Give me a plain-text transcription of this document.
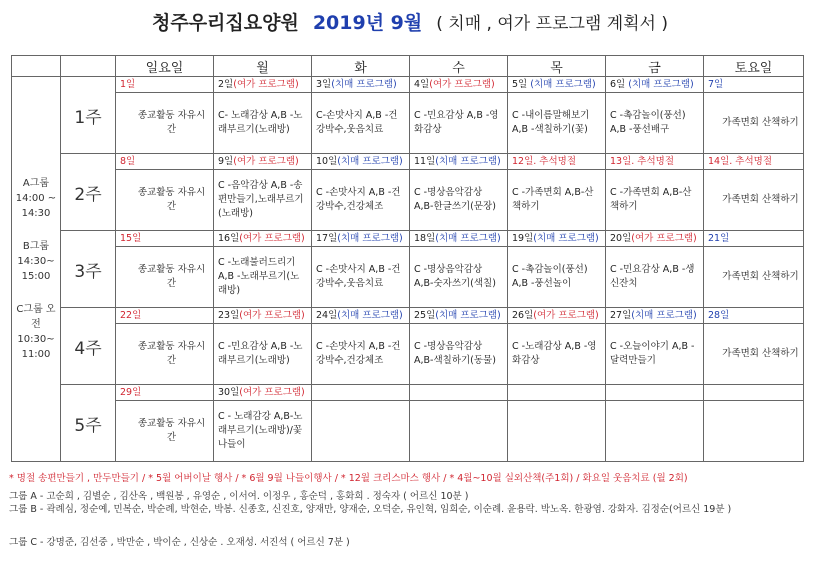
청주우리집요양원 2019년 9월 ( 치매 , 여가 프로그램 계획서 )
		일요일	월	화	수	목	금	토요일

A그룹 14:00 ~ 14:30
B그룹 14:30~ 15:00
C그룹 오전 10:30~ 11:00	1주	1일	2일(여가 프로그램)	3일(치매 프로그램)	4일(여가 프로그램)	5일 (치매 프로그램)	6일 (치매 프로그램)	7일
		종교활동 자유시간	C- 노래감상 A,B -노래부르기(노래방)	C-손맛사지 A,B -건강박수,웃음치료	C -민요감상 A,B -영화감상	C -내이름말해보기 A,B -색칠하기(꽃)	C -촉감놀이(풍선) A,B -풍선배구	가족면회 산책하기
	2주	8일	9일(여가 프로그램)	10일(치매 프로그램)	11일(치매 프로그램)	12일. 추석명절	13일. 추석명절	14일. 추석명절
		종교활동 자유시간	C -음악감상 A,B -송편만들기,노래부르기(노래방)	C -손맛사지 A,B -건강박수,건강체조	C -명상음악감상 A,B-한글쓰기(문장)	C -가족면회 A,B-산책하기	C -가족면회 A,B-산책하기	가족면회 산책하기
	3주	15일	16일(여가 프로그램)	17일(치매 프로그램)	18일(치매 프로그램)	19일(치매 프로그램)	20일(여가 프로그램)	21일
		종교활동 자유시간	C -노래불러드리기 A,B -노래부르기(노래방)	C -손맛사지 A,B -건강박수,웃음치료	C -명상음악감상 A,B-숫자쓰기(색칠)	C -촉감놀이(풍선) A,B -풍선놀이	C -민요감상 A,B -생신잔치	가족면회 산책하기
	4주	22일	23일(여가 프로그램)	24일(치매 프로그램)	25일(치매 프로그램)	26일(여가 프로그램)	27일(치매 프로그램)	28일
		종교활동 자유시간	C -민요감상 A,B -노래부르기(노래방)	C -손맛사지 A,B -건강박수,건강체조	C -명상음악감상 A,B-색칠하기(동물)	C -노래감상 A,B -영화감상	C -오늘이야기 A,B -달력만들기	가족면회 산책하기
	5주	29일	30일(여가 프로그램)					
		종교활동 자유시간	C - 노래감강 A,B-노래부르기(노래방)/꽃나들이					
* 명절 송편만들기 , 만두만들기 / * 5월 어버이날 행사 / * 6월 9월 나들이행사 / * 12월 크리스마스 행사 / * 4월~10월 실외산책(주1회) / 화요일 웃음치료 (월 2회)
그룹 A - 고순희 , 김별순 , 김산옥 , 백원봉 , 유영순 , 이서여. 이정우 , 홍순덕 , 홍화희 . 정숙자 ( 어르신 10분 )
그룹 B - 곽례심, 정순예, 민복순, 박순례, 박현순, 박봉. 신종호, 신진호, 양재만, 양재순, 오덕순, 유인혁, 임희순, 이순례. 윤용락. 박노옥. 한광염. 강화자. 김정순(어르신 19분 )
그룹 C - 강명준, 김선중 , 박만순 , 박이순 , 신상순 . 오재성. 서진석 ( 어르신 7분 )
